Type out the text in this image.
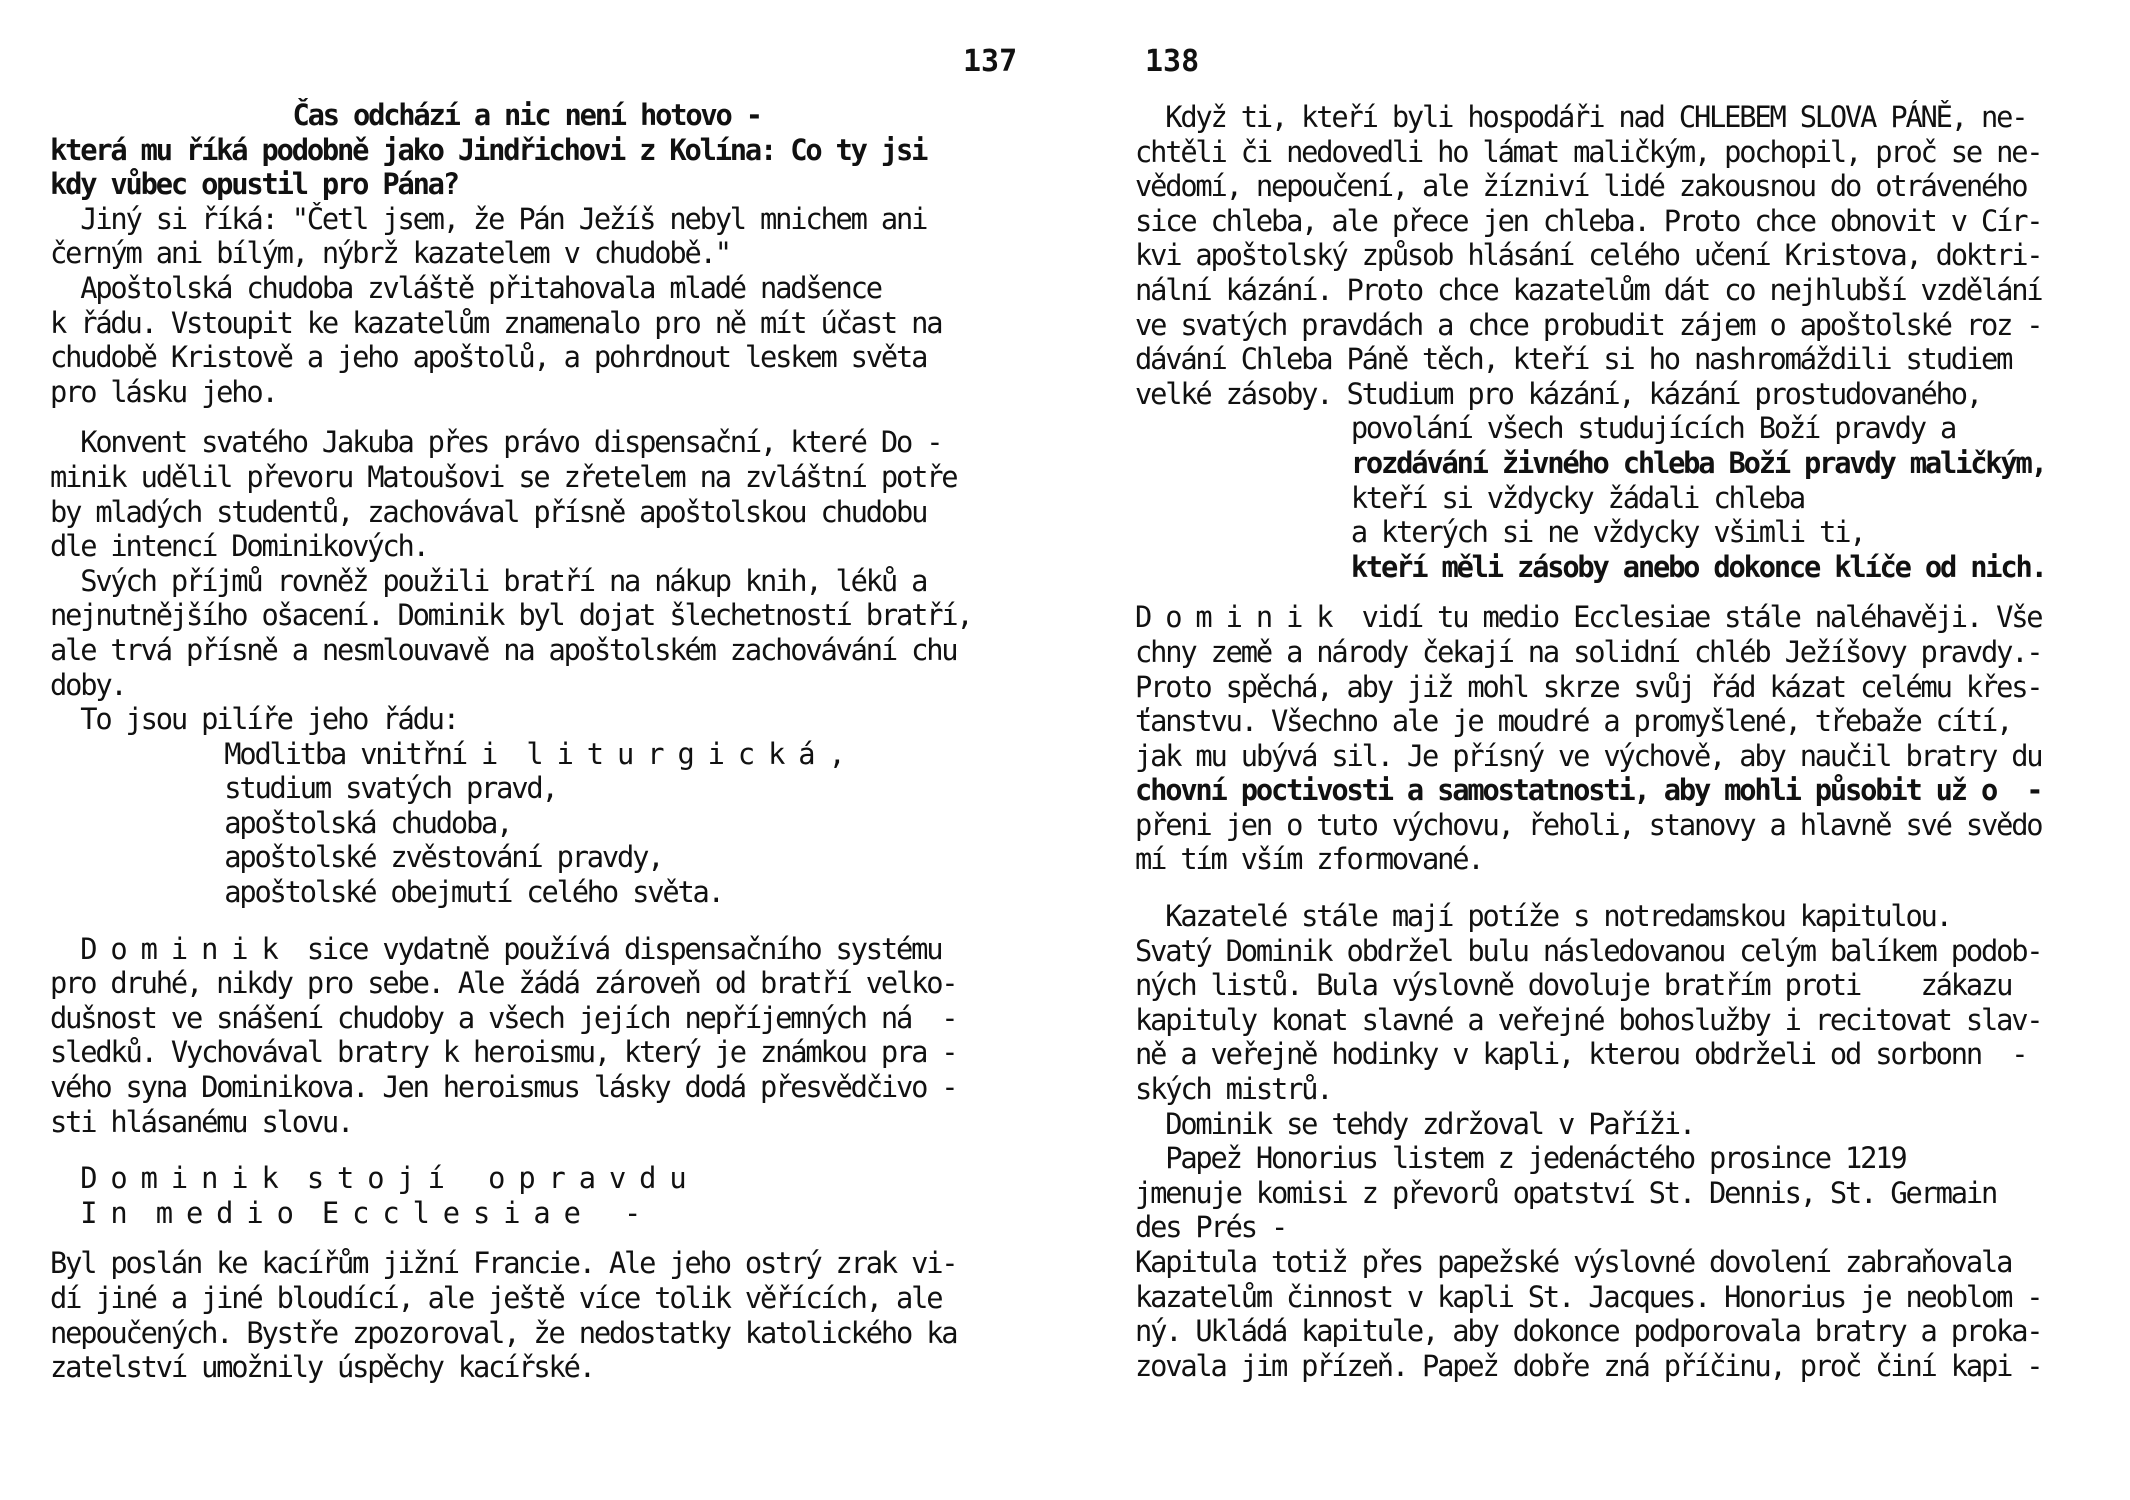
137
Čas odchází a nic není hotovo -
která mu říká podobně jako Jindřichovi z Kolína: Co ty jsi
kdy vůbec opustil pro Pána?
Jiný si říká: "Četl jsem, že Pán Ježíš nebyl mnichem ani
černým ani bílým, nýbrž kazatelem v chudobě."
Apoštolská chudoba zvláště přitahovala mladé nadšence
k řádu. Vstoupit ke kazatelům znamenalo pro ně mít účast na
chudobě Kristově a jeho apoštolů, a pohrdnout leskem světa
pro lásku jeho.
Konvent svatého Jakuba přes právo dispensační, které Do -
minik udělil převoru Matoušovi se zřetelem na zvláštní potře
by mladých studentů, zachovával přísně apoštolskou chudobu
dle intencí Dominikových.
Svých příjmů rovněž použili bratří na nákup knih, léků a
nejnutnějšího ošacení. Dominik byl dojat šlechetností bratří,
ale trvá přísně a nesmlouvavě na apoštolském zachovávání chu
doby.
To jsou pilíře jeho řádu:
Modlitba vnitřní i  l i t u r g i c k á ,
studium svatých pravd,
apoštolská chudoba,
apoštolské zvěstování pravdy,
apoštolské obejmutí celého světa.
D o m i n i k  sice vydatně používá dispensačního systému
pro druhé, nikdy pro sebe. Ale žádá zároveň od bratří velko-
dušnost ve snášení chudoby a všech jejích nepříjemných ná  -
sledků. Vychovával bratry k heroismu, který je známkou pra -
vého syna Dominikova. Jen heroismus lásky dodá přesvědčivo -
sti hlásanému slovu.
D o m i n i k  s t o j í   o p r a v d u
I n  m e d i o  E c c l e s i a e   -
Byl poslán ke kacířům jižní Francie. Ale jeho ostrý zrak vi-
dí jiné a jiné bloudící, ale ještě více tolik věřících, ale
nepoučených. Bystře zpozoroval, že nedostatky katolického ka
zatelství umožnily úspěchy kacířské.
138
Když ti, kteří byli hospodáři nad CHLEBEM SLOVA PÁNĚ, ne-
chtěli či nedovedli ho lámat maličkým, pochopil, proč se ne-
vědomí, nepoučení, ale žízniví lidé zakousnou do otráveného
sice chleba, ale přece jen chleba. Proto chce obnovit v Cír-
kvi apoštolský způsob hlásání celého učení Kristova, doktri-
nální kázání. Proto chce kazatelům dát co nejhlubší vzdělání
ve svatých pravdách a chce probudit zájem o apoštolské roz -
dávání Chleba Páně těch, kteří si ho nashromáždili studiem
velké zásoby. Studium pro kázání, kázání prostudovaného,
povolání všech studujících Boží pravdy a
rozdávání živného chleba Boží pravdy maličkým,
kteří si vždycky žádali chleba
a kterých si ne vždycky všimli ti,
kteří měli zásoby anebo dokonce klíče od nich.
D o m i n i k  vidí tu medio Ecclesiae stále naléhavěji. Vše
chny země a národy čekají na solidní chléb Ježíšovy pravdy.-
Proto spěchá, aby již mohl skrze svůj řád kázat celému křes-
ťanstvu. Všechno ale je moudré a promyšlené, třebaže cítí,
jak mu ubývá sil. Je přísný ve výchově, aby naučil bratry du
chovní poctivosti a samostatnosti, aby mohli působit už o  -
přeni jen o tuto výchovu, řeholi, stanovy a hlavně své svědo
mí tím vším zformované.
Kazatelé stále mají potíže s notredamskou kapitulou.
Svatý Dominik obdržel bulu následovanou celým balíkem podob-
ných listů. Bula výslovně dovoluje bratřím proti    zákazu
kapituly konat slavné a veřejné bohoslužby i recitovat slav-
ně a veřejně hodinky v kapli, kterou obdrželi od sorbonn  -
ských mistrů.
Dominik se tehdy zdržoval v Paříži.
Papež Honorius listem z jedenáctého prosince 1219
jmenuje komisi z převorů opatství St. Dennis, St. Germain
des Prés -
Kapitula totiž přes papežské výslovné dovolení zabraňovala
kazatelům činnost v kapli St. Jacques. Honorius je neoblom -
ný. Ukládá kapitule, aby dokonce podporovala bratry a proka-
zovala jim přízeň. Papež dobře zná příčinu, proč činí kapi -
